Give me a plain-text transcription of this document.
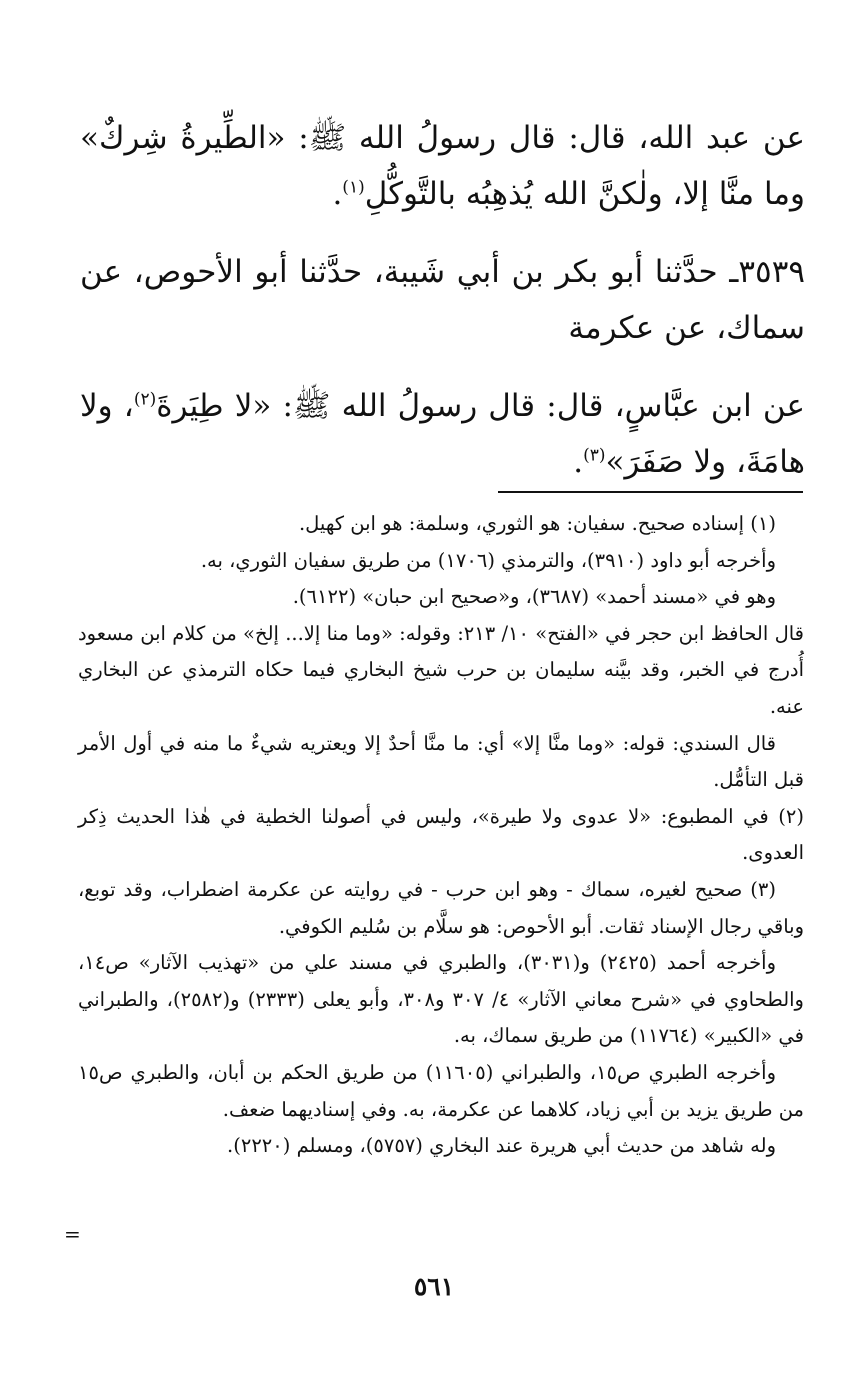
عن عبد الله، قال: قال رسولُ الله ﷺ: «الطِّيرةُ شِركٌ» وما منَّا إلا، ولٰكنَّ الله يُذهِبُه بالتَّوكُّلِ$^{(١)}$.

٣٥٣٩ـ حدَّثنا أبو بكر بن أبي شَيبة، حدَّثنا أبو الأحوص، عن سماك، عن عكرمة

عن ابن عبَّاسٍ، قال: قال رسولُ الله ﷺ: «لا طِيَرةَ$^{(٢)}$، ولا هامَةَ، ولا صَفَرَ»$^{(٣)}$.

(١) إسناده صحيح. سفيان: هو الثوري، وسلمة: هو ابن كهيل.

وأخرجه أبو داود (٣٩١٠)، والترمذي (١٧٠٦) من طريق سفيان الثوري، به.

وهو في «مسند أحمد» (٣٦٨٧)، و«صحيح ابن حبان» (٦١٢٢).

قال الحافظ ابن حجر في «الفتح» ١٠/ ٢١٣: وقوله: «وما منا إلا... إلخ» من كلام ابن مسعود أُدرج في الخبر، وقد بيَّنه سليمان بن حرب شيخ البخاري فيما حكاه الترمذي عن البخاري عنه.

قال السندي: قوله: «وما منَّا إلا» أي: ما منَّا أحدٌ إلا ويعتريه شيءٌ ما منه في أول الأمر قبل التأمُّل.

(٢) في المطبوع: «لا عدوى ولا طيرة»، وليس في أصولنا الخطية في هٰذا الحديث ذِكر العدوى.

(٣) صحيح لغيره، سماك - وهو ابن حرب - في روايته عن عكرمة اضطراب، وقد توبع، وباقي رجال الإسناد ثقات. أبو الأحوص: هو سلَّام بن سُليم الكوفي.

وأخرجه أحمد (٢٤٢٥) و(٣٠٣١)، والطبري في مسند علي من «تهذيب الآثار» ص١٤، والطحاوي في «شرح معاني الآثار» ٤/ ٣٠٧ و٣٠٨، وأبو يعلى (٢٣٣٣) و(٢٥٨٢)، والطبراني في «الكبير» (١١٧٦٤) من طريق سماك، به.

وأخرجه الطبري ص١٥، والطبراني (١١٦٠٥) من طريق الحكم بن أبان، والطبري ص١٥ من طريق يزيد بن أبي زياد، كلاهما عن عكرمة، به. وفي إسناديهما ضعف.

وله شاهد من حديث أبي هريرة عند البخاري (٥٧٥٧)، ومسلم (٢٢٢٠).

=
٥٦١
